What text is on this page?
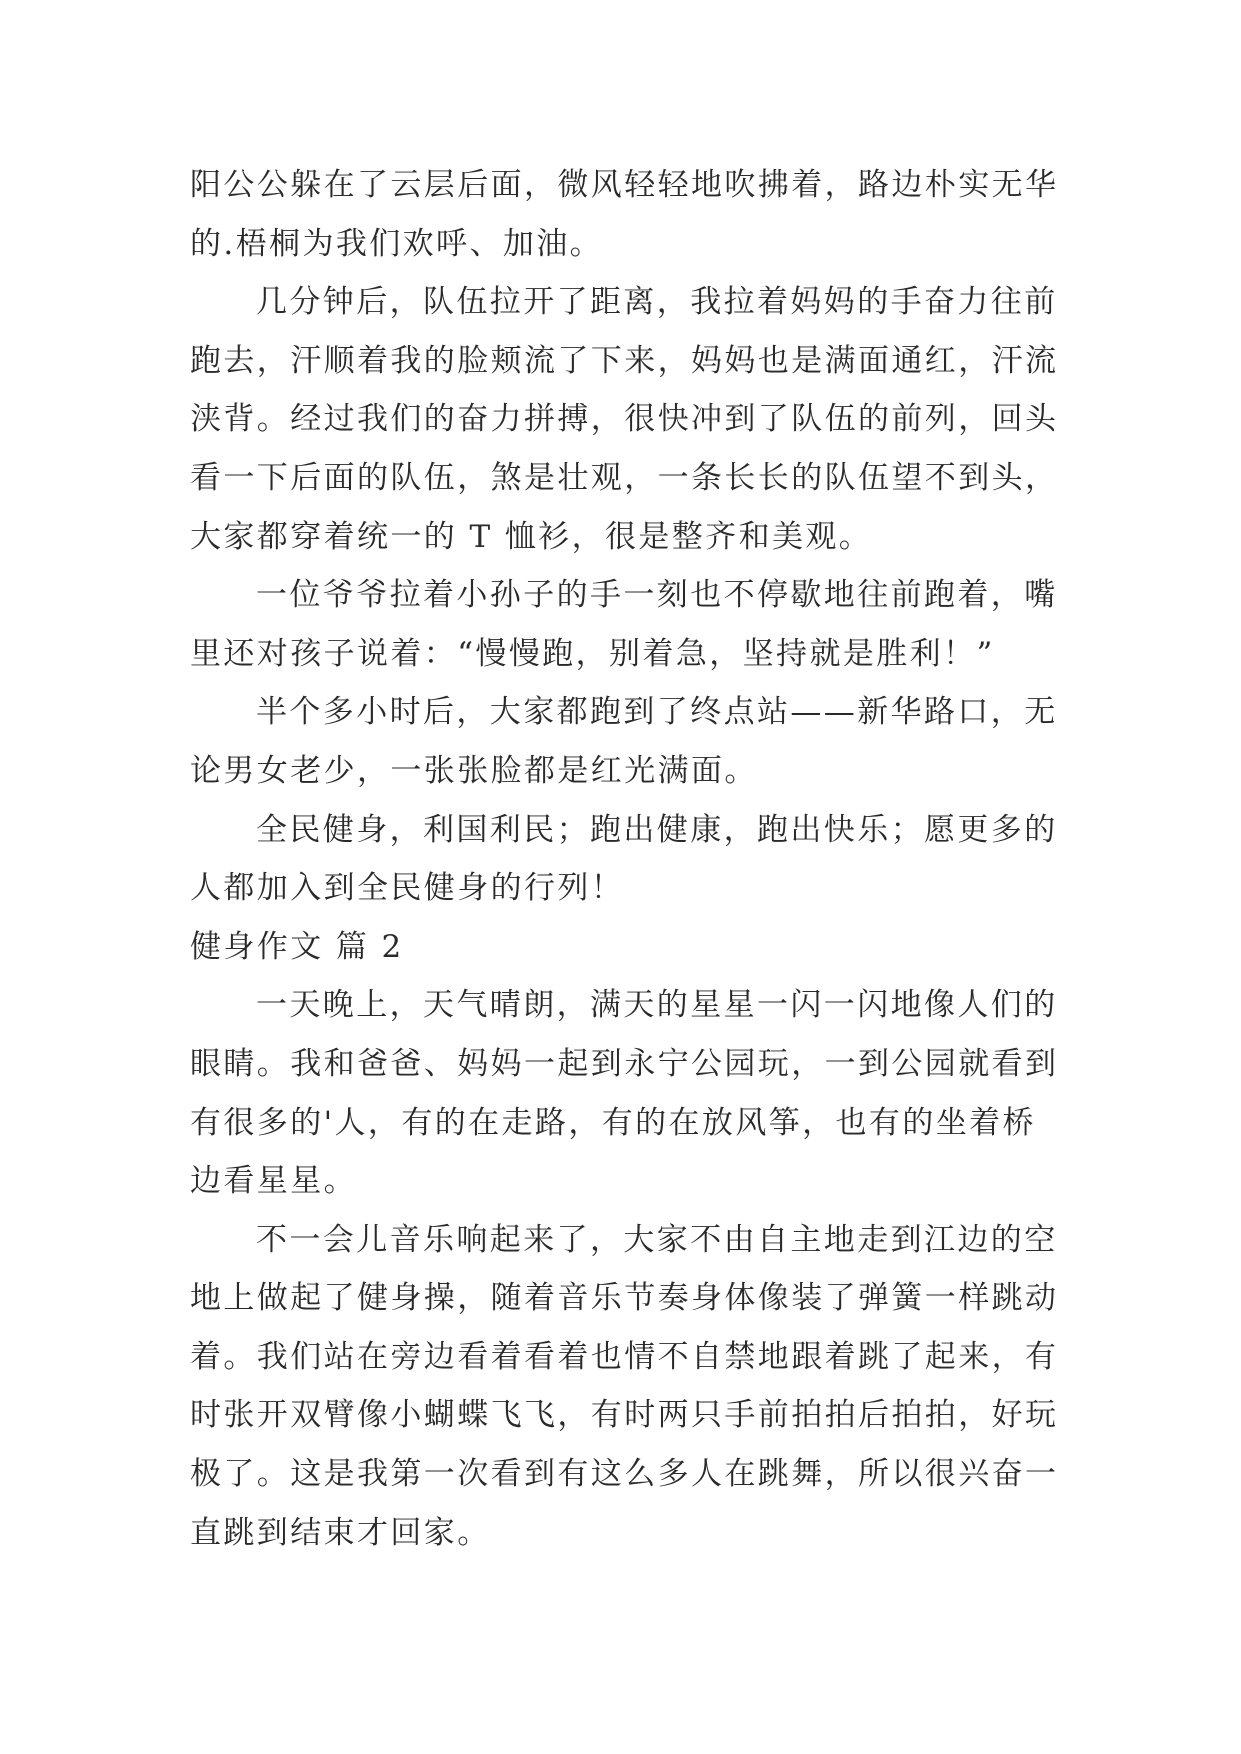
阳公公躲在了云层后面，微风轻轻地吹拂着，路边朴实无华
的.梧桐为我们欢呼、加油。

几分钟后，队伍拉开了距离，我拉着妈妈的手奋力往前
跑去，汗顺着我的脸颊流了下来，妈妈也是满面通红，汗流
浃背。经过我们的奋力拼搏，很快冲到了队伍的前列，回头
看一下后面的队伍，煞是壮观，一条长长的队伍望不到头，
大家都穿着统一的 T 恤衫，很是整齐和美观。

一位爷爷拉着小孙子的手一刻也不停歇地往前跑着，嘴
里还对孩子说着：“慢慢跑，别着急，坚持就是胜利！”

半个多小时后，大家都跑到了终点站——新华路口，无
论男女老少，一张张脸都是红光满面。

全民健身，利国利民；跑出健康，跑出快乐；愿更多的
人都加入到全民健身的行列！

健身作文 篇 2

一天晚上，天气晴朗，满天的星星一闪一闪地像人们的
眼睛。我和爸爸、妈妈一起到永宁公园玩，一到公园就看到
有很多的'人，有的在走路，有的在放风筝，也有的坐着桥
边看星星。

不一会儿音乐响起来了，大家不由自主地走到江边的空
地上做起了健身操，随着音乐节奏身体像装了弹簧一样跳动
着。我们站在旁边看着看着也情不自禁地跟着跳了起来，有
时张开双臂像小蝴蝶飞飞，有时两只手前拍拍后拍拍，好玩
极了。这是我第一次看到有这么多人在跳舞，所以很兴奋一
直跳到结束才回家。
